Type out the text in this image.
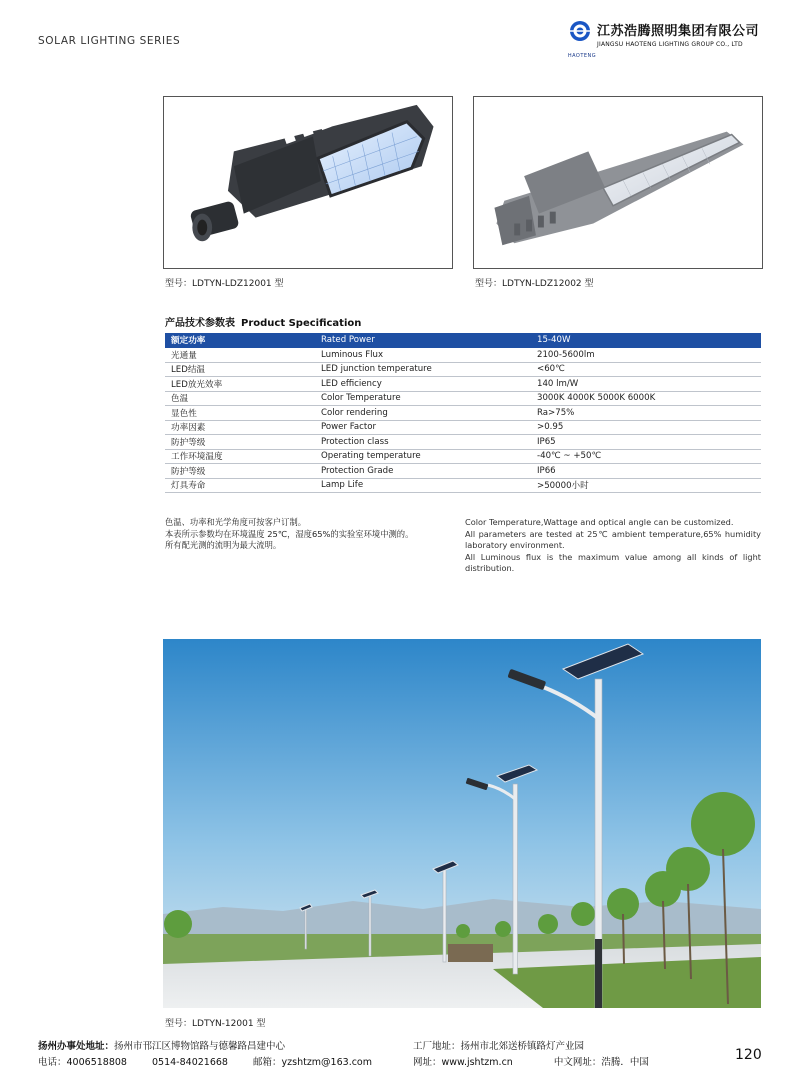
SOLAR LIGHTING SERIES
HAOTENG
江苏浩腾照明集团有限公司
JIANGSU HAOTENG LIGHTING GROUP CO., LTD
型号：LDTYN-LDZ12001 型	型号：LDTYN-LDZ12002 型
产品技术参数表 Product Specification
额定功率	Rated Power	15-40W
光通量	Luminous Flux	2100-5600lm
LED结温	LED junction temperature	<60℃
LED放光效率	LED efficiency	140 lm/W
色温	Color Temperature	3000K 4000K 5000K 6000K
显色性	Color rendering	Ra>75%
功率因素	Power Factor	>0.95
防护等级	Protection class	IP65
工作环境温度	Operating temperature	-40℃ ~ +50℃
防护等级	Protection Grade	IP66
灯具寿命	Lamp Life	>50000小时
色温、功率和光学角度可按客户订制。
本表所示参数均在环境温度 25℃，湿度65%的实验室环境中测的。
所有配光测的流明为最大流明。
Color Temperature,Wattage and optical angle can be customized.
All parameters are tested at 25℃ ambient temperature,65% humidity laboratory environment.
All Luminous flux is the maximum value among all kinds of light distribution.
型号：LDTYN-12001 型
扬州办事处地址：扬州市邗江区博物馆路与德馨路昌建中心
电话：4006518808	0514-84021668	邮箱：yzshtzm@163.com
工厂地址：扬州市北郊送桥镇路灯产业园
网址：www.jshtzm.cn	中文网址：浩腾．中国	120
